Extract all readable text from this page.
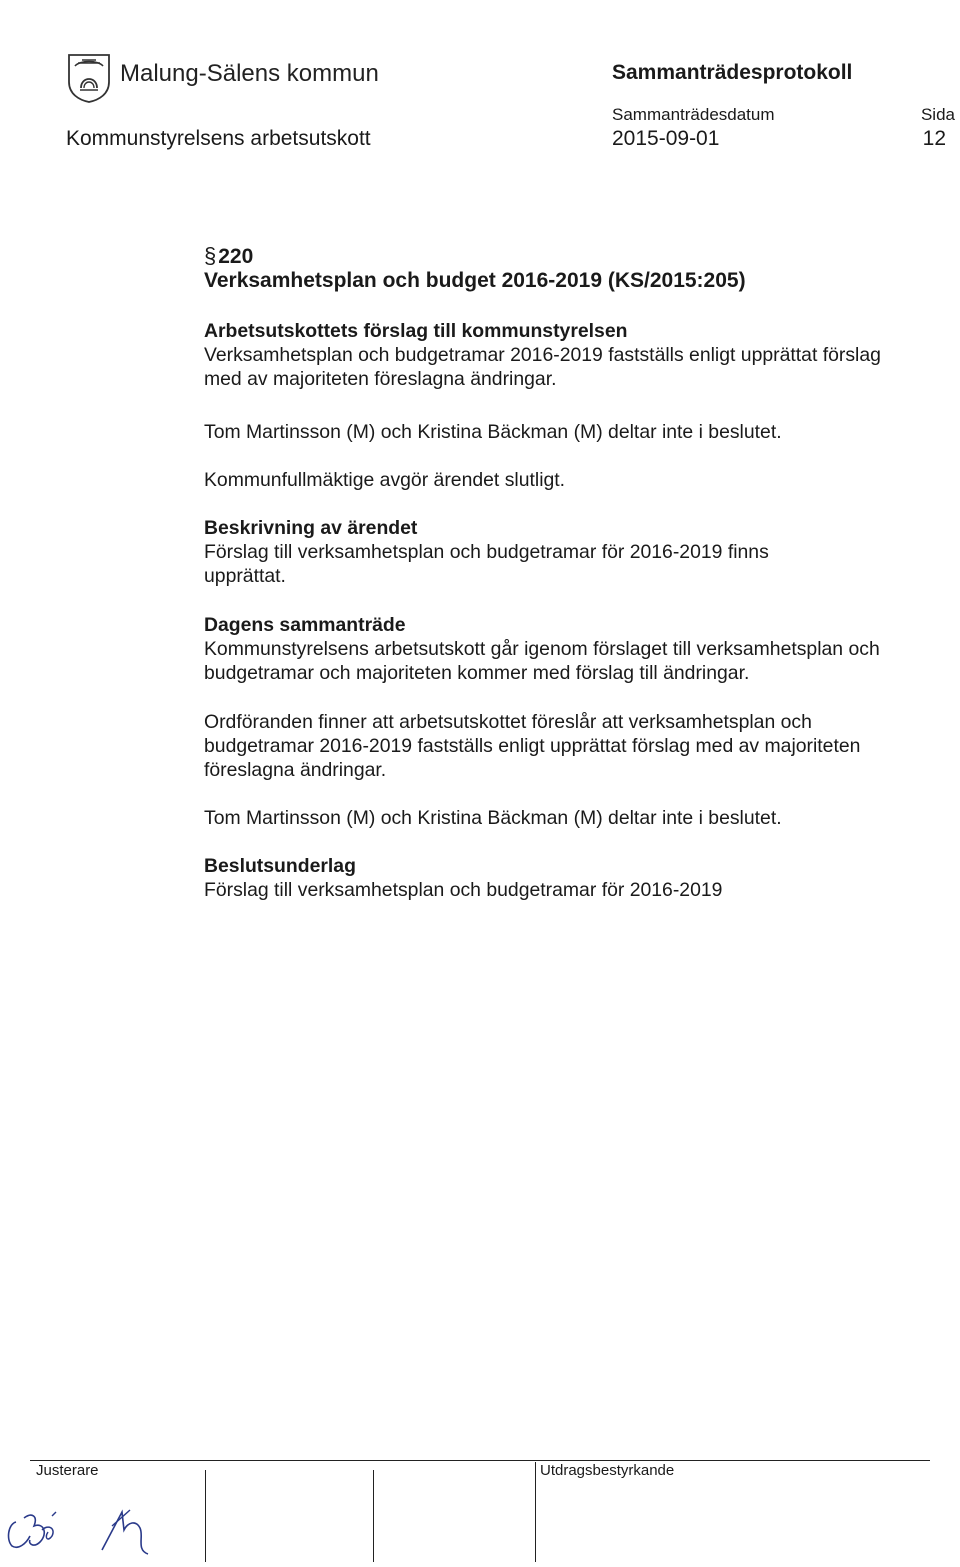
Malung-Sälens kommun	Sammanträdesprotokoll
Sammanträdesdatum	Sida
Kommunstyrelsens arbetsutskott	2015-09-01	12
§220
Verksamhetsplan och budget 2016-2019 (KS/2015:205)

Arbetsutskottets förslag till kommunstyrelsen

Verksamhetsplan och budgetramar 2016-2019 fastställs enligt upprättat förslag med av majoriteten föreslagna ändringar.

Tom Martinsson (M) och Kristina Bäckman (M) deltar inte i beslutet.

Kommunfullmäktige avgör ärendet slutligt.

Beskrivning av ärendet

Förslag till verksamhetsplan och budgetramar för 2016-2019 finns upprättat.

Dagens sammanträde

Kommunstyrelsens arbetsutskott går igenom förslaget till verksamhetsplan och budgetramar och majoriteten kommer med förslag till ändringar.

Ordföranden finner att arbetsutskottet föreslår att verksamhetsplan och budgetramar 2016-2019 fastställs enligt upprättat förslag med av majoriteten föreslagna ändringar.

Tom Martinsson (M) och Kristina Bäckman (M) deltar inte i beslutet.

Beslutsunderlag

Förslag till verksamhetsplan och budgetramar för 2016-2019

Justerare	Utdragsbestyrkande
